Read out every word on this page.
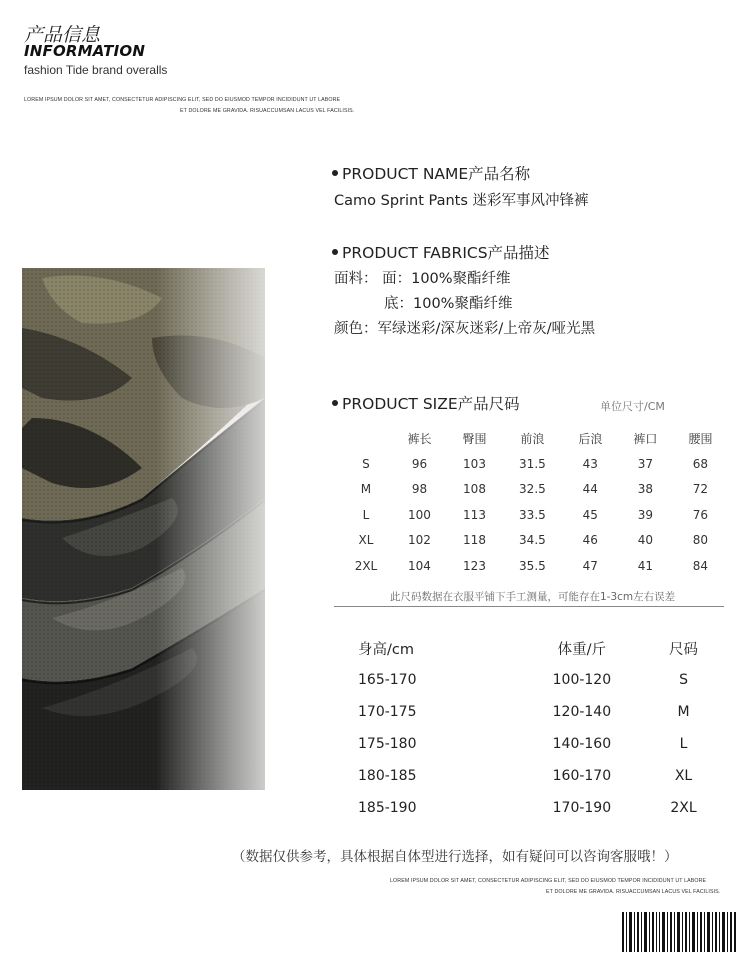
产品信息
INFORMATION
fashion Tide brand overalls
LOREM IPSUM DOLOR SIT AMET, CONSECTETUR ADIPISCING ELIT, SED DO EIUSMOD TEMPOR INCIDIDUNT UT LABORE
ET DOLORE ME GRAVIDA. RISUACCUMSAN LACUS VEL FACILISIS.
PRODUCT NAME产品名称
Camo Sprint Pants 迷彩军事风冲锋裤
PRODUCT FABRICS产品描述
面料： 面：100%聚酯纤维
底：100%聚酯纤维
颜色：军绿迷彩/深灰迷彩/上帝灰/哑光黑
PRODUCT SIZE产品尺码	单位尺寸/CM
	裤长	臀围	前浪	后浪	裤口	腰围
S	96	103	31.5	43	37	68
M	98	108	32.5	44	38	72
L	100	113	33.5	45	39	76
XL	102	118	34.5	46	40	80
2XL	104	123	35.5	47	41	84
此尺码数据在衣服平铺下手工测量，可能存在1-3cm左右误差
身高/cm	体重/斤	尺码
165-170	100-120	S
170-175	120-140	M
175-180	140-160	L
180-185	160-170	XL
185-190	170-190	2XL
（数据仅供参考，具体根据自体型进行选择，如有疑问可以咨询客服哦！）
LOREM IPSUM DOLOR SIT AMET, CONSECTETUR ADIPISCING ELIT, SED DO EIUSMOD TEMPOR INCIDIDUNT UT LABORE
ET DOLORE ME GRAVIDA. RISUACCUMSAN LACUS VEL FACILISIS.
